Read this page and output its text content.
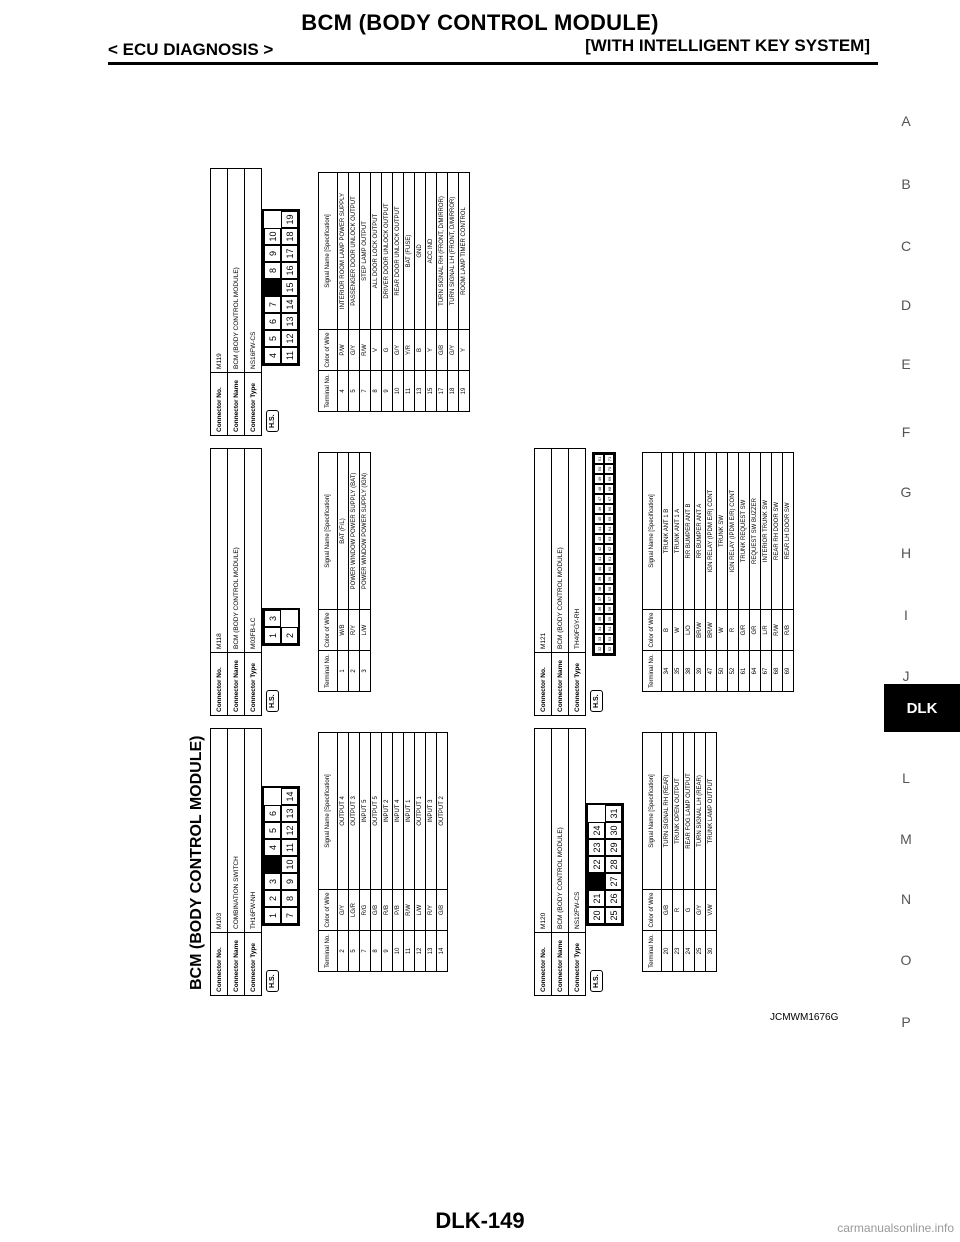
BCM (BODY CONTROL MODULE)
< ECU DIAGNOSIS >	[WITH INTELLIGENT KEY SYSTEM]
A
B
C
D
E
F
G
H
I
J
L
M
N
O
P
DLK
BCM (BODY CONTROL MODULE) Connector No.	M103
Connector Name	COMBINATION SWITCH
Connector Type	TH16FW-NH
H.S.
1
2
3
4
5
6
7
8
9
10
11
12
13
14
Terminal No.	Color of Wire	Signal Name [Specification]
2	G/Y	OUTPUT 4
5	LG/R	OUTPUT 3
7	R/G	INPUT 5
8	G/B	OUTPUT 5
9	R/B	INPUT 2
10	P/B	INPUT 4
11	R/W	INPUT 1
12	L/W	OUTPUT 1
13	R/Y	INPUT 3
14	G/B	OUTPUT 2
Connector No.	M118
Connector Name	BCM (BODY CONTROL MODULE)
Connector Type	M03FB-LC
H.S.
1
3
2
Terminal No.	Color of Wire	Signal Name [Specification]
1	W/B	BAT (F/L)
2	R/Y	POWER WINDOW POWER SUPPLY (BAT)
3	L/W	POWER WINDOW POWER SUPPLY (IGN)
Connector No.	M119
Connector Name	BCM (BODY CONTROL MODULE)
Connector Type	NS16FW-CS
H.S.
4
5
6
7
8
9
10
11
12
13
14
15
16
17
18
19
Terminal No.	Color of Wire	Signal Name [Specification]
4	P/W	INTERIOR ROOM LAMP POWER SUPPLY
5	G/Y	PASSENGER DOOR UNLOCK OUTPUT
7	R/W	STEP LAMP OUTPUT
8	V	ALL DOOR LOCK OUTPUT
9	G	DRIVER DOOR UNLOCK OUTPUT
10	G/Y	REAR DOOR UNLOCK OUTPUT
11	Y/R	BAT (FUSE)
13	B	GND
15	Y	ACC IND
17	G/B	TURN SIGNAL RH (FRONT, D/MIRROR)
18	G/Y	TURN SIGNAL LH (FRONT, D/MIRROR)
19	Y	ROOM LAMP TIMER CONTROL
Connector No.	M120
Connector Name	BCM (BODY CONTROL MODULE)
Connector Type	NS12FW-CS
H.S.
20
21
22
23
24
25
26
27
28
29
30
31
Terminal No.	Color of Wire	Signal Name [Specification]
20	G/B	TURN SIGNAL RH (REAR)
23	R	TRUNK OPEN OUTPUT
24	G	REAR FOG LAMP OUTPUT
25	G/Y	TURN SIGNAL LH (REAR)
30	V/W	TRUNK LAMP OUTPUT
Connector No.	M121
Connector Name	BCM (BODY CONTROL MODULE)
Connector Type	TH40FGY-RH
H.S.
32
33
34
35
36
37
38
39
40
41
42
43
44
45
46
47
48
49
50
51
52
53
54
55
56
57
58
59
60
61
62
63
64
65
66
67
68
69
70
71
Terminal No.	Color of Wire	Signal Name [Specification]
34	B	TRUNK ANT 1 B
35	W	TRUNK ANT 1 A
38	L/O	RR BUMPER ANT B
39	BR/W	RR BUMPER ANT A
47	BR/W	IGN RELAY (IPDM E/R) CONT
50	W	TRUNK SW
52	R	IGN RELAY (IPDM E/R) CONT
61	G/R	TRUNK REQUEST SW
64	GR	REQUEST SW BUZZER
67	L/R	INTERIOR TRUNK SW
68	R/W	REAR RH DOOR SW
69	R/B	REAR LH DOOR SW
JCMWM1676G
DLK-149	carmanualsonline.info
